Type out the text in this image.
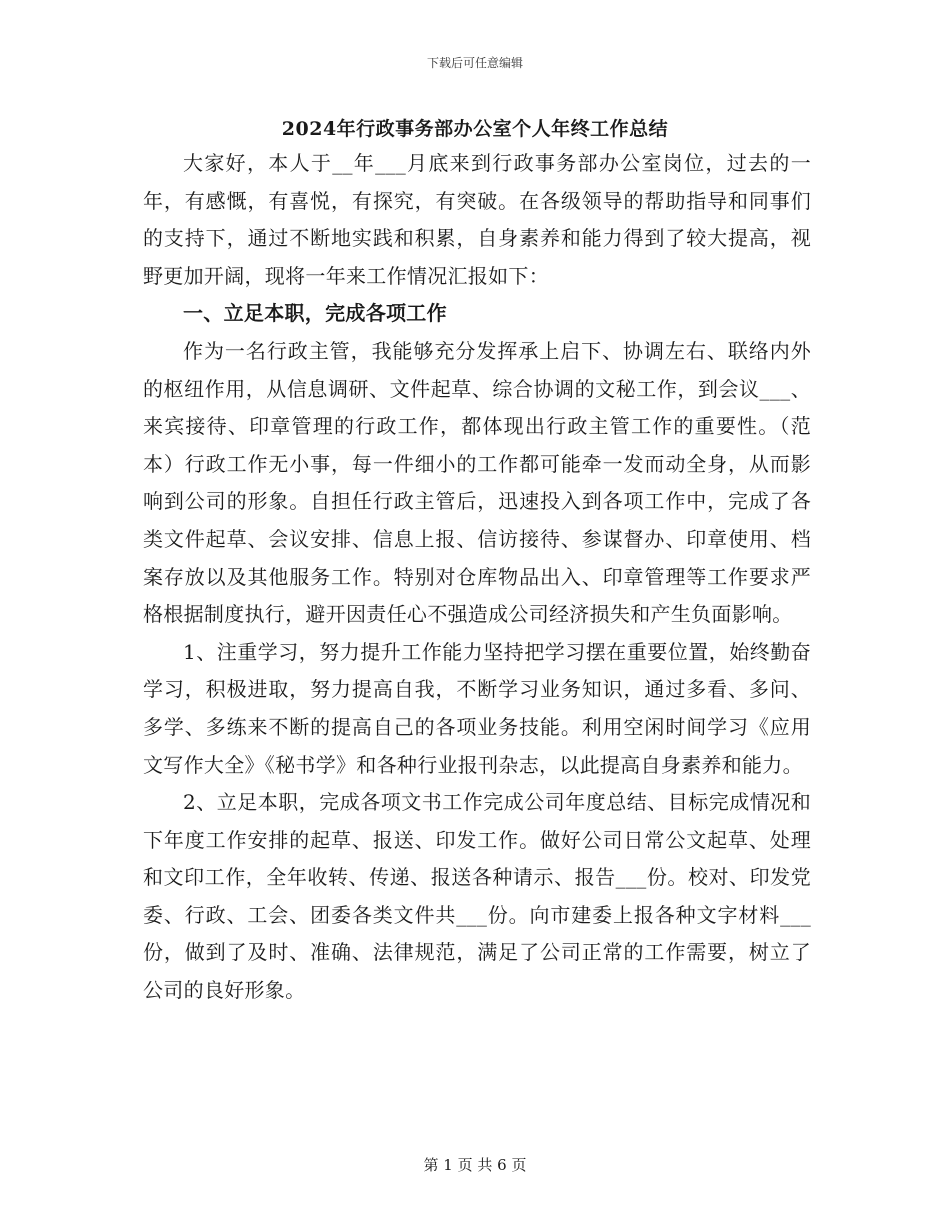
下载后可任意编辑
2024年行政事务部办公室个人年终工作总结

大家好，本人于__年___月底来到行政事务部办公室岗位，过去的一年，有感慨，有喜悦，有探究，有突破。在各级领导的帮助指导和同事们的支持下，通过不断地实践和积累，自身素养和能力得到了较大提高，视野更加开阔，现将一年来工作情况汇报如下：

一、立足本职，完成各项工作

作为一名行政主管，我能够充分发挥承上启下、协调左右、联络内外的枢纽作用，从信息调研、文件起草、综合协调的文秘工作，到会议___、来宾接待、印章管理的行政工作，都体现出行政主管工作的重要性。（范本）行政工作无小事，每一件细小的工作都可能牵一发而动全身，从而影响到公司的形象。自担任行政主管后，迅速投入到各项工作中，完成了各类文件起草、会议安排、信息上报、信访接待、参谋督办、印章使用、档案存放以及其他服务工作。特别对仓库物品出入、印章管理等工作要求严格根据制度执行，避开因责任心不强造成公司经济损失和产生负面影响。

1、注重学习，努力提升工作能力坚持把学习摆在重要位置，始终勤奋学习，积极进取，努力提高自我，不断学习业务知识，通过多看、多问、多学、多练来不断的提高自己的各项业务技能。利用空闲时间学习《应用文写作大全》《秘书学》和各种行业报刊杂志，以此提高自身素养和能力。

2、立足本职，完成各项文书工作完成公司年度总结、目标完成情况和下年度工作安排的起草、报送、印发工作。做好公司日常公文起草、处理和文印工作，全年收转、传递、报送各种请示、报告___份。校对、印发党委、行政、工会、团委各类文件共___份。向市建委上报各种文字材料___份，做到了及时、准确、法律规范，满足了公司正常的工作需要，树立了公司的良好形象。

第 1 页 共 6 页
